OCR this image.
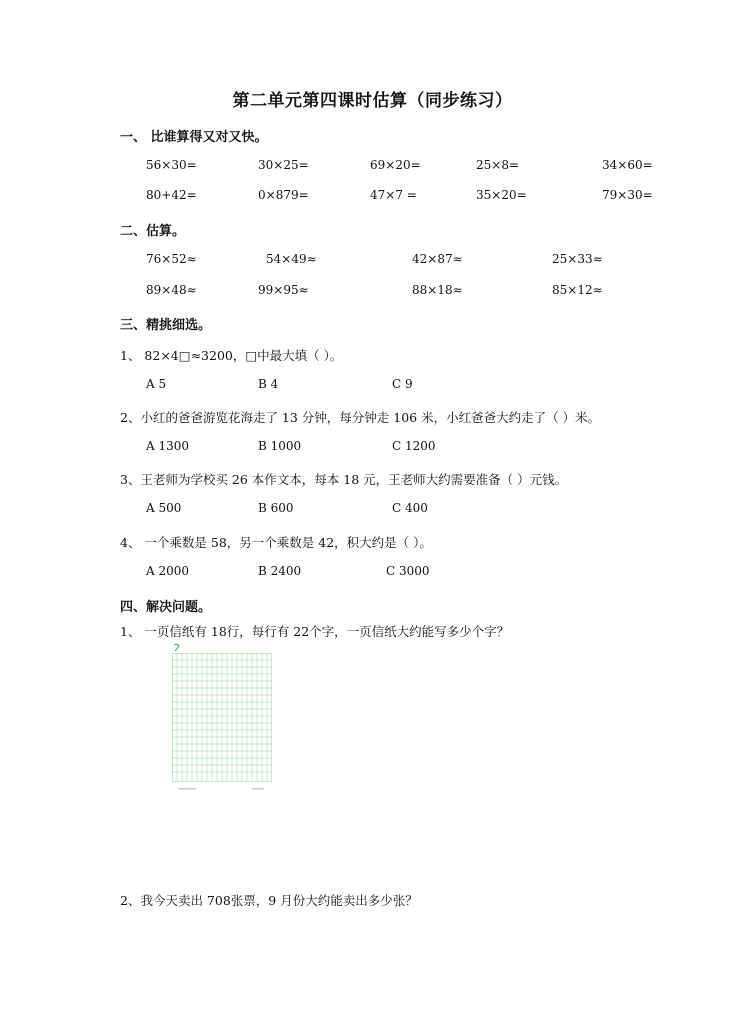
第二单元第四课时估算（同步练习）
一、 比谁算得又对又快。
56×30=	30×25=	69×20=	25×8=	34×60=
80+42=	0×879=	47×7 =	35×20=	79×30=
二、估算。
76×52≈	54×49≈	42×87≈	25×33≈
89×48≈	99×95≈	88×18≈	85×12≈
三、精挑细选。
1、 82×4□≈3200，□中最大填（ ）。
A 5	B 4	C 9
2、小红的爸爸游览花海走了 13 分钟，每分钟走 106 米，小红爸爸大约走了（ ）米。
A 1300	B 1000	C 1200
3、王老师为学校买 26 本作文本，每本 18 元，王老师大约需要准备（ ）元钱。
A 500	B 600	C 400
4、 一个乘数是 58，另一个乘数是 42，积大约是（ ）。
A 2000	B 2400	C 3000
四、解决问题。
1、 一页信纸有 18行，每行有 22个字，一页信纸大约能写多少个字？
2、我今天卖出 708张票，9 月份大约能卖出多少张？
